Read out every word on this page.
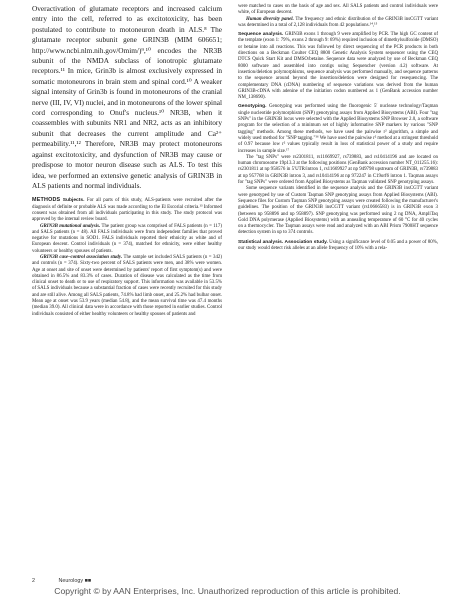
Overactivation of glutamate receptors and increased calcium entry into the cell, referred to as excitotoxicity, has been postulated to contribute to motoneuron death in ALS.⁸ The glutamate receptor subunit gene GRIN3B (MIM 606651; http://www.ncbi.nlm.nih.gov/Omim/)⁹,¹⁰ encodes the NR3B subunit of the NMDA subclass of ionotropic glutamate receptors.¹¹ In mice, Grin3b is almost exclusively expressed in somatic motoneurons in brain stem and spinal cord.¹⁰ A weaker signal intensity of Grin3b is found in motoneurons of the cranial nerve (III, IV, VI) nuclei, and in motoneurons of the lower spinal cord corresponding to Onuf's nucleus.¹⁰ NR3B, when it coassembles with subunits NR1 and NR2, acts as an inhibitory subunit that decreases the current amplitude and Ca²⁺ permeability.¹¹,¹² Therefore, NR3B may protect motoneurons against excitotoxicity, and dysfunction of NR3B may cause or predispose to motor neuron disease such as ALS. To test this idea, we performed an extensive genetic analysis of GRIN3B in ALS patients and normal individuals.

METHODS Subjects. For all parts of this study, ALS-patients were recruited after the diagnosis of definite or probable ALS was made according to the El Escorial criteria.¹³ Informed consent was obtained from all individuals participating in this study. The study protocol was approved by the internal review board.

GRIN3B mutational analysis. The patient group was comprised of FALS patients (n = 117) and SALS patients (n = 48). All FALS individuals were from independent families that proved negative for mutations in SOD1. FALS individuals reported their ethnicity as white and of European descent. Control individuals (n = 374), matched for ethnicity, were either healthy volunteers or healthy spouses of patients.

GRIN3B case–control association study. The sample set included SALS patients (n = 342) and controls (n = 374). Sixty-two percent of SALS patients were men, and 38% were women. Age at onset and site of onset were determined by patients' report of first symptom(s) and were obtained in 86.5% and 83.3% of cases. Duration of disease was calculated as the time from clinical onset to death or to use of respiratory support. This information was available in 53.5% of SALS individuals because a substantial fraction of cases were recently recruited for this study and are still alive. Among all SALS patients, 74.8% had limb onset, and 25.2% had bulbar onset. Mean age at onset was 53.9 years (median 54.8), and the mean survival time was 47.4 months (median 39.0). All clinical data were in accordance with those reported in earlier studies. Control individuals consisted of either healthy volunteers or healthy spouses of patients and

were matched to cases on the basis of age and sex. All SALS patients and control individuals were white, of European descent.

Human diversity panel. The frequency and ethnic distribution of the GRIN3B insCGTT variant was determined in a total of 2,128 individuals from 42 populations.¹⁴,¹⁵

Sequence analysis. GRIN3B exons 1 through 9 were amplified by PCR. The high GC content of the template (exon 1: 79%, exons 2 through 9: 69%) required inclusion of dimethylsulfoxide (DMSO) or betaine into all reactions. This was followed by direct sequencing of the PCR products in both directions on a Beckman Coulter CEQ 8800 Genetic Analysis System sequencer using the CEQ DTCS Quick Start Kit and DMSO/betaine. Sequence data were analyzed by use of Beckman CEQ 8000 software and assembled into contigs using Sequencher (version 4.2) software. At insertion/deletion polymorphisms, sequence analysis was performed manually, and sequence patterns to the sequence around beyond the insertion/deletion were designed for resequencing. The complementary DNA (cDNA) numbering of sequence variations was derived from the human GRIN3B-cDNA with adenine of the initiation codon numbered as 1 (GenBank accession number NM_138690).

Genotyping. Genotyping was performed using the fluorogenic 5′ nuclease technology/Taqman single nucleotide polymorphism (SNP) genotyping assays from Applied Biosystems (ABI). Four "tag SNPs" in the GRIN3B locus were selected with the Applied Biosystems SNP Browser 2.0, a software program for the selection of a minimum set of highly informative SNP markers by various "SNP tagging" methods. Among these methods, we have used the pairwise r² algorithm, a simple and widely used method for "SNP tagging."¹⁶ We have used the pairwise r² method at a stringent threshold of 0.97 because low r² values typically result in loss of statistical power of a study and require increases in sample size.¹⁷

The "tag SNPs" were rs2301811, rs11669927, rs739883, and rs10414196 and are located on human chromosome 19p13.3 at the following positions (GenBank accession number NT_011255.16): rs2301811 at np 958576 in 5′UTR/intron 1, rs11669927 at np 949798 upstream of GRIN3B, rs739883 at np 957768 in GRIN3B intron 3, and rs10414196 at np 972247 in C19orf6 intron 1. Taqman assays for "tag SNPs" were ordered from Applied Biosystems as Taqman validated SNP genotyping assays.

Some sequence variants identified in the sequence analysis and the GRIN3B insCGTT variant were genotyped by use of Custom Taqman SNP genotyping assays from Applied Biosystems (ABI). Sequence files for Custom Taqman SNP genotyping assays were created following the manufacturer's guidelines. The position of the GRIN3B insCGTT variant (rs10666583) is in GRIN3B exon 3 (between np 958896 and np 958897). SNP genotyping was performed using 2 ng DNA, AmpliTaq Gold DNA polymerase (Applied Biosystems) with an annealing temperature of 60 °C for 40 cycles on a thermocycler. The Taqman assays were read and analyzed with an ABI Prism 7900HT sequence detection system in up to 374 controls.

Statistical analysis. Association study. Using a significance level of 0.05 and a power of 80%, our study would detect risk alleles at an allele frequency of 10% with a rela-

2	Neurology ■■
Copyright © by AAN Enterprises, Inc. Unauthorized reproduction of this article is prohibited.
